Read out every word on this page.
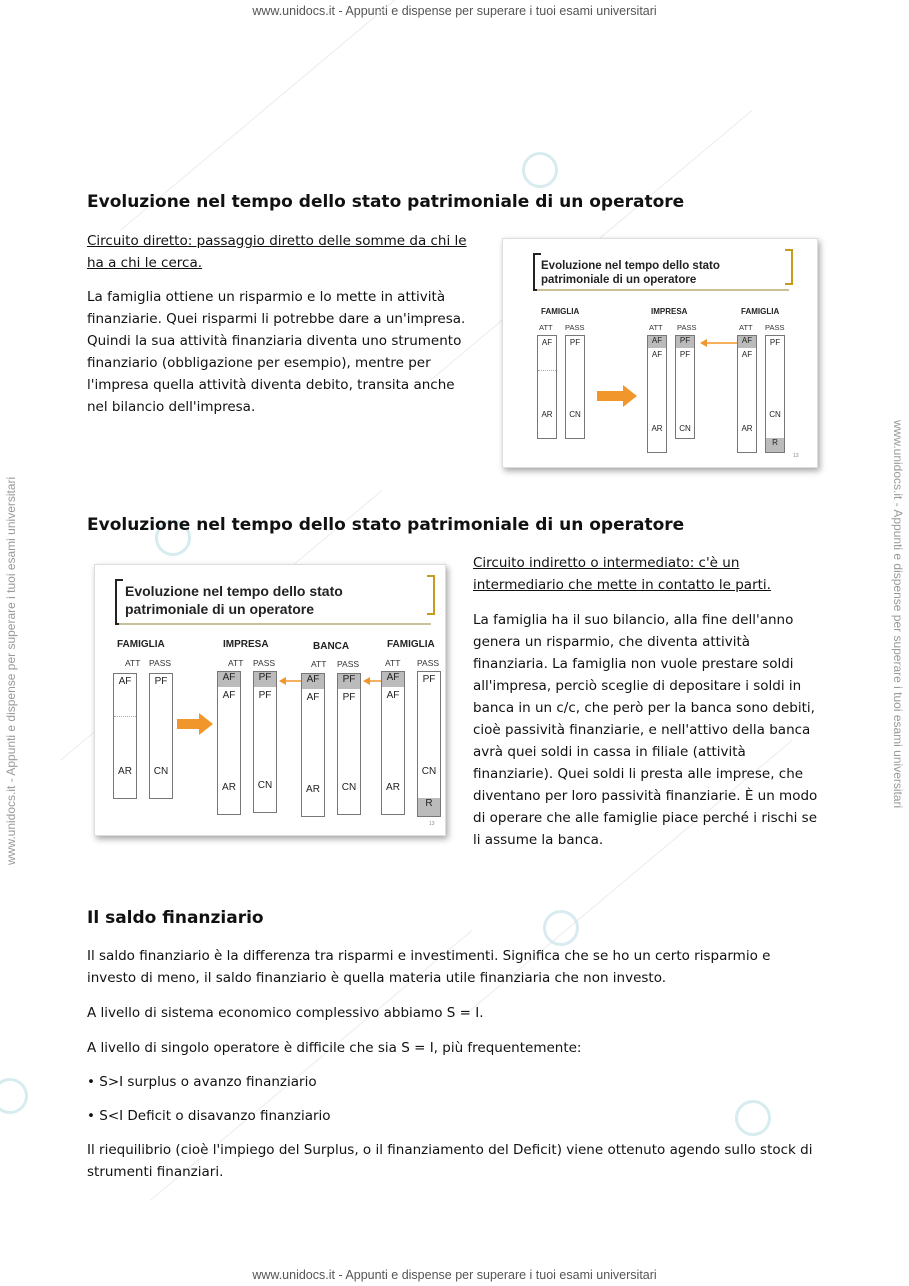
www.unidocs.it - Appunti e dispense per superare i tuoi esami universitari
www.unidocs.it - Appunti e dispense per superare i tuoi esami universitari
www.unidocs.it - Appunti e dispense per superare i tuoi esami universitari	www.unidocs.it - Appunti e dispense per superare i tuoi esami universitari
Evoluzione nel tempo dello stato patrimoniale di un operatore

Circuito diretto: passaggio diretto delle somme da chi le

ha a chi le cerca.

La famiglia ottiene un risparmio e lo mette in attività

finanziarie. Quei risparmi li potrebbe dare a un'impresa.

Quindi la sua attività finanziaria diventa uno strumento

finanziario (obbligazione per esempio), mentre per

l'impresa quella attività diventa debito, transita anche

nel bilancio dell'impresa.

Evoluzione nel tempo dello stato
patrimoniale di un operatore
FAMIGLIA	IMPRESA	FAMIGLIA
ATT PASS
AF
AR
PF
CN
ATT PASS
AF
AF
AR
PF
PF
CN
ATT PASS
AF
AF
AR
PF
CN
R
13
Evoluzione nel tempo dello stato patrimoniale di un operatore

Circuito indiretto o intermediato: c'è un

intermediario che mette in contatto le parti.

La famiglia ha il suo bilancio, alla fine dell'anno

genera un risparmio, che diventa attività

finanziaria. La famiglia non vuole prestare soldi

all'impresa, perciò sceglie di depositare i soldi in

banca in un c/c, che però per la banca sono debiti,

cioè passività finanziarie, e nell'attivo della banca

avrà quei soldi in cassa in filiale (attività

finanziarie). Quei soldi li presta alle imprese, che

diventano per loro passività finanziarie. È un modo

di operare che alle famiglie piace perché i rischi se

li assume la banca.

Evoluzione nel tempo dello stato
patrimoniale di un operatore
FAMIGLIA	IMPRESA	BANCA	FAMIGLIA
ATT PASS
AF
AR
PF
CN
ATT PASS
AF
AF
AR
PF
PF
CN
ATT PASS
AF
AF
AR
PF
PF
CN
ATT PASS
AF
AF
AR
PF
CN
R
13
Il saldo finanziario

Il saldo finanziario è la differenza tra risparmi e investimenti. Significa che se ho un certo risparmio e

investo di meno, il saldo finanziario è quella materia utile finanziaria che non investo.

A livello di sistema economico complessivo abbiamo S = I.

A livello di singolo operatore è difficile che sia S = I, più frequentemente:

• S>I surplus o avanzo finanziario

• S<I Deficit o disavanzo finanziario

Il riequilibrio (cioè l'impiego del Surplus, o il finanziamento del Deficit) viene ottenuto agendo sullo stock di

strumenti finanziari.
